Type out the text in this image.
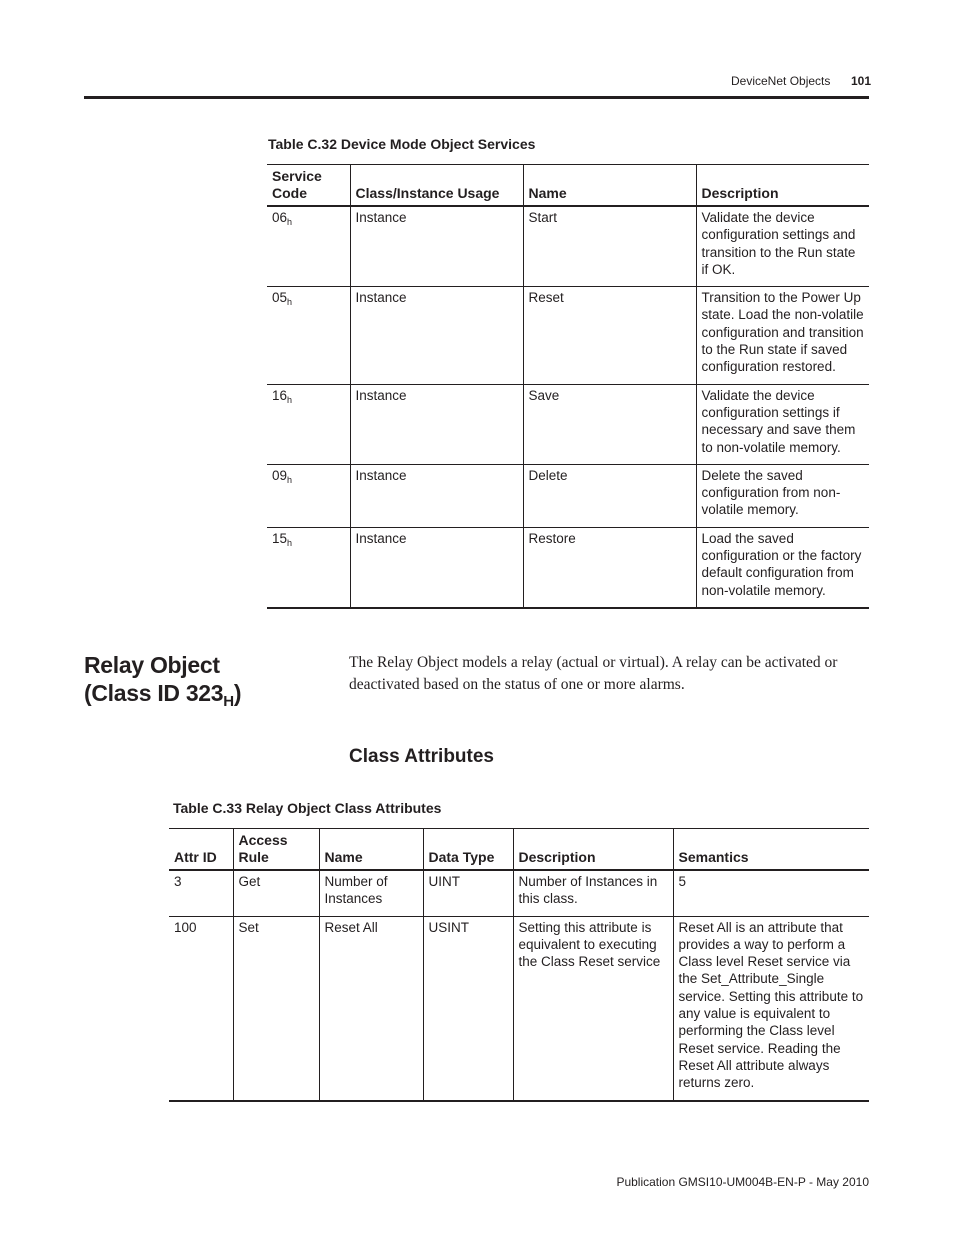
DeviceNet Objects 101
Table C.32 Device Mode Object Services
Service Code	Class/Instance Usage	Name	Description
$06_h$	Instance	Start	Validate the device configuration settings and transition to the Run state if OK.
$05_h$	Instance	Reset	Transition to the Power Up state. Load the non-volatile configuration and transition to the Run state if saved configuration restored.
$16_h$	Instance	Save	Validate the device configuration settings if necessary and save them to non-volatile memory.
$09_h$	Instance	Delete	Delete the saved configuration from non-volatile memory.
$15_h$	Instance	Restore	Load the saved configuration or the factory default configuration from non-volatile memory.
Relay Object
(Class ID $323_H$)
The Relay Object models a relay (actual or virtual). A relay can be activated or deactivated based on the status of one or more alarms.
Class Attributes
Table C.33 Relay Object Class Attributes
Attr ID	Access Rule	Name	Data Type	Description	Semantics
3	Get	Number of Instances	UINT	Number of Instances in this class.	5
100	Set	Reset All	USINT	Setting this attribute is equivalent to executing the Class Reset service	Reset All is an attribute that provides a way to perform a Class level Reset service via the Set_Attribute_Single service. Setting this attribute to any value is equivalent to performing the Class level Reset service. Reading the Reset All attribute always returns zero.
Publication GMSI10-UM004B-EN-P - May 2010
